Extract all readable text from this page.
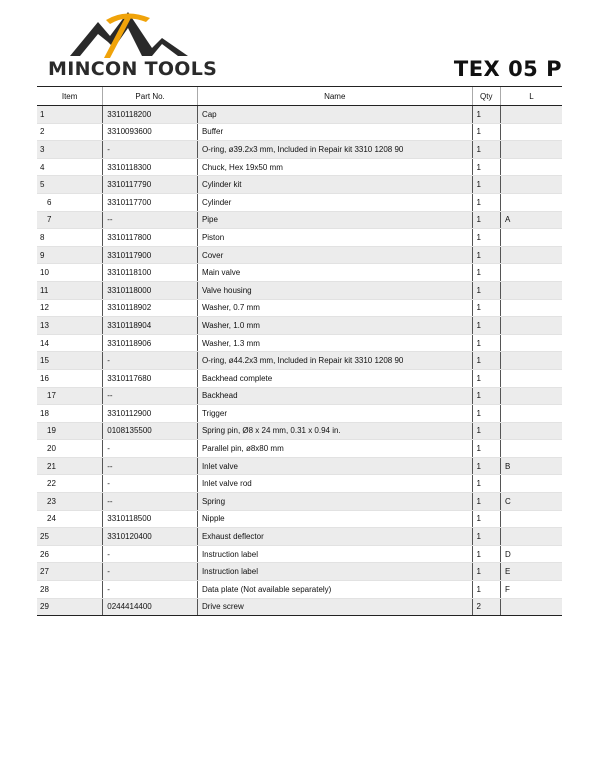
MINCON TOOLS	TEX 05 P
Item	Part No.	Name	Qty	L
1	3310118200	Cap	1	
2	3310093600	Buffer	1	
3	-	O-ring, ø39.2x3 mm, Included in Repair kit 3310 1208 90	1	
4	3310118300	Chuck, Hex 19x50 mm	1	
5	3310117790	Cylinder kit	1	
6	3310117700	Cylinder	1	
7	--	Pipe	1	A
8	3310117800	Piston	1	
9	3310117900	Cover	1	
10	3310118100	Main valve	1	
11	3310118000	Valve housing	1	
12	3310118902	Washer, 0.7 mm	1	
13	3310118904	Washer, 1.0 mm	1	
14	3310118906	Washer, 1.3 mm	1	
15	-	O-ring, ø44.2x3 mm, Included in Repair kit 3310 1208 90	1	
16	3310117680	Backhead complete	1	
17	--	Backhead	1	
18	3310112900	Trigger	1	
19	0108135500	Spring pin, Ø8 x 24 mm, 0.31 x 0.94 in.	1	
20	-	Parallel pin, ø8x80 mm	1	
21	--	Inlet valve	1	B
22	-	Inlet valve rod	1	
23	--	Spring	1	C
24	3310118500	Nipple	1	
25	3310120400	Exhaust deflector	1	
26	-	Instruction label	1	D
27	-	Instruction label	1	E
28	-	Data plate (Not available separately)	1	F
29	0244414400	Drive screw	2	
